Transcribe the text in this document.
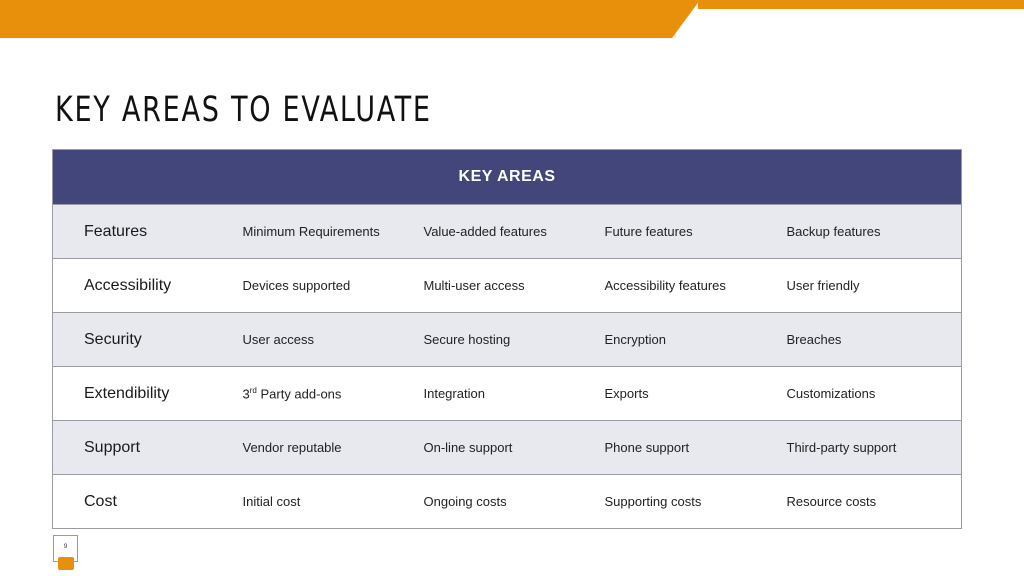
KEY AREAS TO EVALUATE
KEY AREAS				
Features	Minimum Requirements	Value-added features	Future features	Backup features
Accessibility	Devices supported	Multi-user access	Accessibility features	User friendly
Security	User access	Secure hosting	Encryption	Breaches
Extendibility	3rd Party add-ons	Integration	Exports	Customizations
Support	Vendor reputable	On-line support	Phone support	Third-party support
Cost	Initial cost	Ongoing costs	Supporting costs	Resource costs
9
